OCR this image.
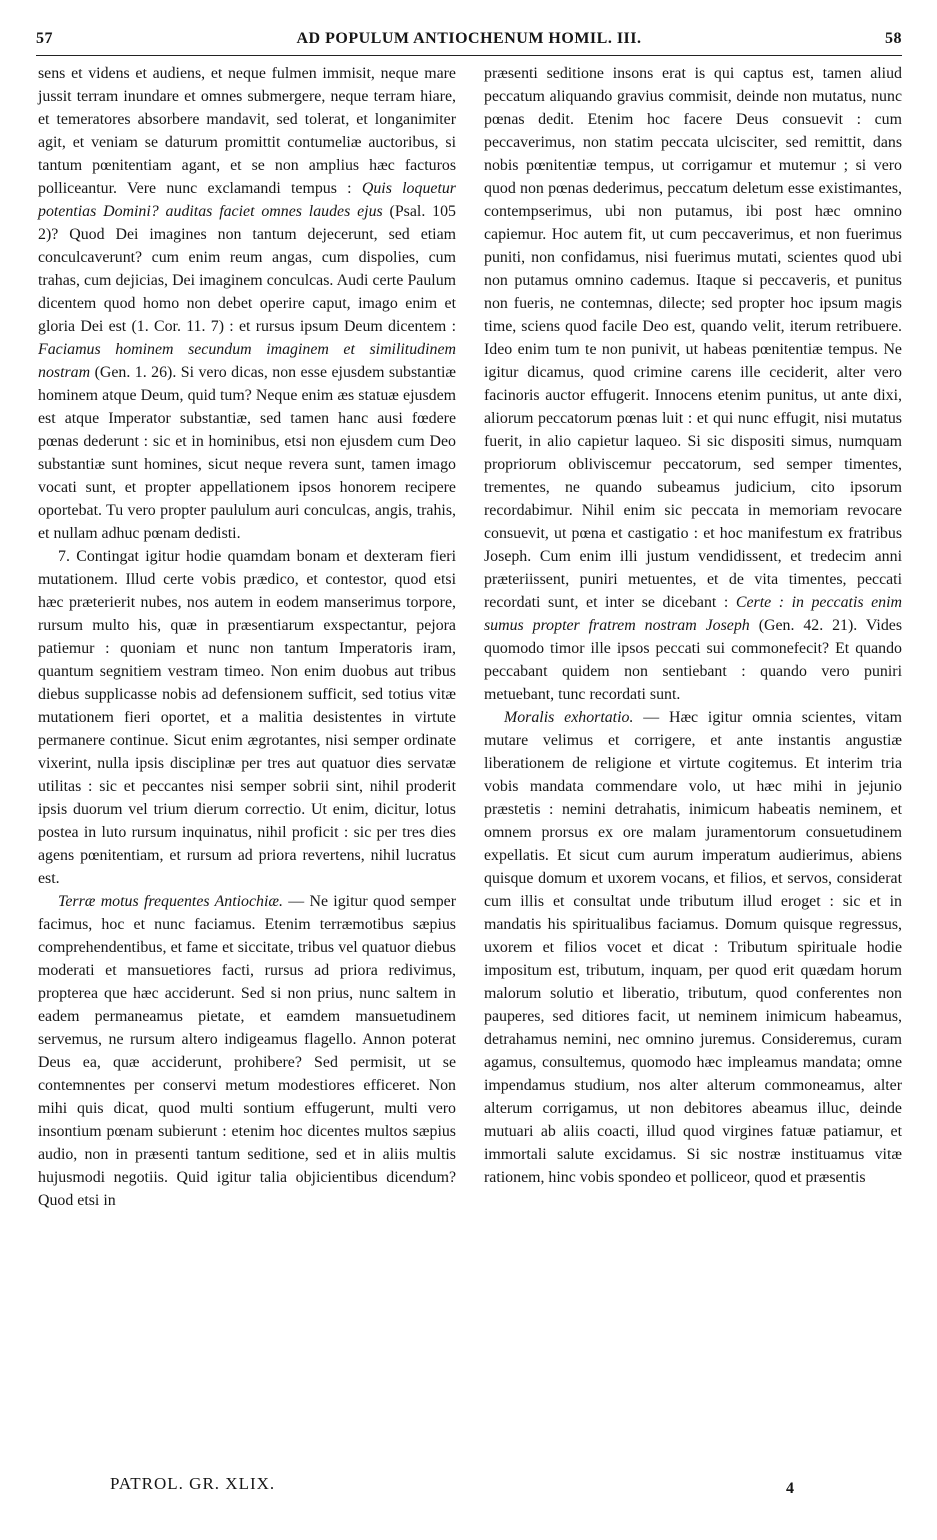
57	AD POPULUM ANTIOCHENUM HOMIL. III.	58

sens et videns et audiens, et neque fulmen immisit, neque mare jussit terram inundare et omnes submergere, neque terram hiare, et temeratores absorbere mandavit, sed tolerat, et longanimiter agit, et veniam se daturum promittit contumeliæ auctoribus, si tantum pœnitentiam agant, et se non amplius hæc facturos polliceantur. Vere nunc exclamandi tempus : Quis loquetur potentias Domini? auditas faciet omnes laudes ejus (Psal. 105 2)? Quod Dei imagines non tantum dejecerunt, sed etiam conculcaverunt? cum enim reum angas, cum dispolies, cum trahas, cum dejicias, Dei imaginem conculcas. Audi certe Paulum dicentem quod homo non debet operire caput, imago enim et gloria Dei est (1. Cor. 11. 7) : et rursus ipsum Deum dicentem : Faciamus hominem secundum imaginem et similitudinem nostram (Gen. 1. 26). Si vero dicas, non esse ejusdem substantiæ hominem atque Deum, quid tum? Neque enim æs statuæ ejusdem est atque Imperator substantiæ, sed tamen hanc ausi fœdere pœnas dederunt : sic et in hominibus, etsi non ejusdem cum Deo substantiæ sunt homines, sicut neque revera sunt, tamen imago vocati sunt, et propter appellationem ipsos honorem recipere oportebat. Tu vero propter paululum auri conculcas, angis, trahis, et nullam adhuc pœnam dedisti.

7. Contingat igitur hodie quamdam bonam et dexteram fieri mutationem. Illud certe vobis prædico, et contestor, quod etsi hæc præterierit nubes, nos autem in eodem manserimus torpore, rursum multo his, quæ in præsentiarum exspectantur, pejora patiemur : quoniam et nunc non tantum Imperatoris iram, quantum segnitiem vestram timeo. Non enim duobus aut tribus diebus supplicasse nobis ad defensionem sufficit, sed totius vitæ mutationem fieri oportet, et a malitia desistentes in virtute permanere continue. Sicut enim ægrotantes, nisi semper ordinate vixerint, nulla ipsis disciplinæ per tres aut quatuor dies servatæ utilitas : sic et peccantes nisi semper sobrii sint, nihil proderit ipsis duorum vel trium dierum correctio. Ut enim, dicitur, lotus postea in luto rursum inquinatus, nihil proficit : sic per tres dies agens pœnitentiam, et rursum ad priora revertens, nihil lucratus est.

Terræ motus frequentes Antiochiæ. — Ne igitur quod semper facimus, hoc et nunc faciamus. Etenim terræmotibus sæpius comprehendentibus, et fame et siccitate, tribus vel quatuor diebus moderati et mansuetiores facti, rursus ad priora redivimus, propterea que hæc acciderunt. Sed si non prius, nunc saltem in eadem permaneamus pietate, et eamdem mansuetudinem servemus, ne rursum altero indigeamus flagello. Annon poterat Deus ea, quæ acciderunt, prohibere? Sed permisit, ut se contemnentes per conservi metum modestiores efficeret. Non mihi quis dicat, quod multi sontium effugerunt, multi vero insontium pœnam subierunt : etenim hoc dicentes multos sæpius audio, non in præsenti tantum seditione, sed et in aliis multis hujusmodi negotiis. Quid igitur talia objicientibus dicendum? Quod etsi in

præsenti seditione insons erat is qui captus est, tamen aliud peccatum aliquando gravius commisit, deinde non mutatus, nunc pœnas dedit. Etenim hoc facere Deus consuevit : cum peccaverimus, non statim peccata ulcisciter, sed remittit, dans nobis pœnitentiæ tempus, ut corrigamur et mutemur ; si vero quod non pœnas dederimus, peccatum deletum esse existimantes, contempserimus, ubi non putamus, ibi post hæc omnino capiemur. Hoc autem fit, ut cum peccaverimus, et non fuerimus puniti, non confidamus, nisi fuerimus mutati, scientes quod ubi non putamus omnino cademus. Itaque si peccaveris, et punitus non fueris, ne contemnas, dilecte; sed propter hoc ipsum magis time, sciens quod facile Deo est, quando velit, iterum retribuere. Ideo enim tum te non punivit, ut habeas pœnitentiæ tempus. Ne igitur dicamus, quod crimine carens ille ceciderit, alter vero facinoris auctor effugerit. Innocens etenim punitus, ut ante dixi, aliorum peccatorum pœnas luit : et qui nunc effugit, nisi mutatus fuerit, in alio capietur laqueo. Si sic dispositi simus, numquam propriorum obliviscemur peccatorum, sed semper timentes, trementes, ne quando subeamus judicium, cito ipsorum recordabimur. Nihil enim sic peccata in memoriam revocare consuevit, ut pœna et castigatio : et hoc manifestum ex fratribus Joseph. Cum enim illi justum vendidissent, et tredecim anni præteriissent, puniri metuentes, et de vita timentes, peccati recordati sunt, et inter se dicebant : Certe : in peccatis enim sumus propter fratrem nostram Joseph (Gen. 42. 21). Vides quomodo timor ille ipsos peccati sui commonefecit? Et quando peccabant quidem non sentiebant : quando vero puniri metuebant, tunc recordati sunt.

Moralis exhortatio. — Hæc igitur omnia scientes, vitam mutare velimus et corrigere, et ante instantis angustiæ liberationem de religione et virtute cogitemus. Et interim tria vobis mandata commendare volo, ut hæc mihi in jejunio præstetis : nemini detrahatis, inimicum habeatis neminem, et omnem prorsus ex ore malam juramentorum consuetudinem expellatis. Et sicut cum aurum imperatum audierimus, abiens quisque domum et uxorem vocans, et filios, et servos, considerat cum illis et consultat unde tributum illud eroget : sic et in mandatis his spiritualibus faciamus. Domum quisque regressus, uxorem et filios vocet et dicat : Tributum spirituale hodie impositum est, tributum, inquam, per quod erit quædam horum malorum solutio et liberatio, tributum, quod conferentes non pauperes, sed ditiores facit, ut neminem inimicum habeamus, detrahamus nemini, nec omnino juremus. Consideremus, curam agamus, consultemus, quomodo hæc impleamus mandata; omne impendamus studium, nos alter alterum commoneamus, alter alterum corrigamus, ut non debitores abeamus illuc, deinde mutuari ab aliis coacti, illud quod virgines fatuæ patiamur, et immortali salute excidamus. Si sic nostræ instituamus vitæ rationem, hinc vobis spondeo et polliceor, quod et præsentis

PATROL. GR. XLIX.	4
